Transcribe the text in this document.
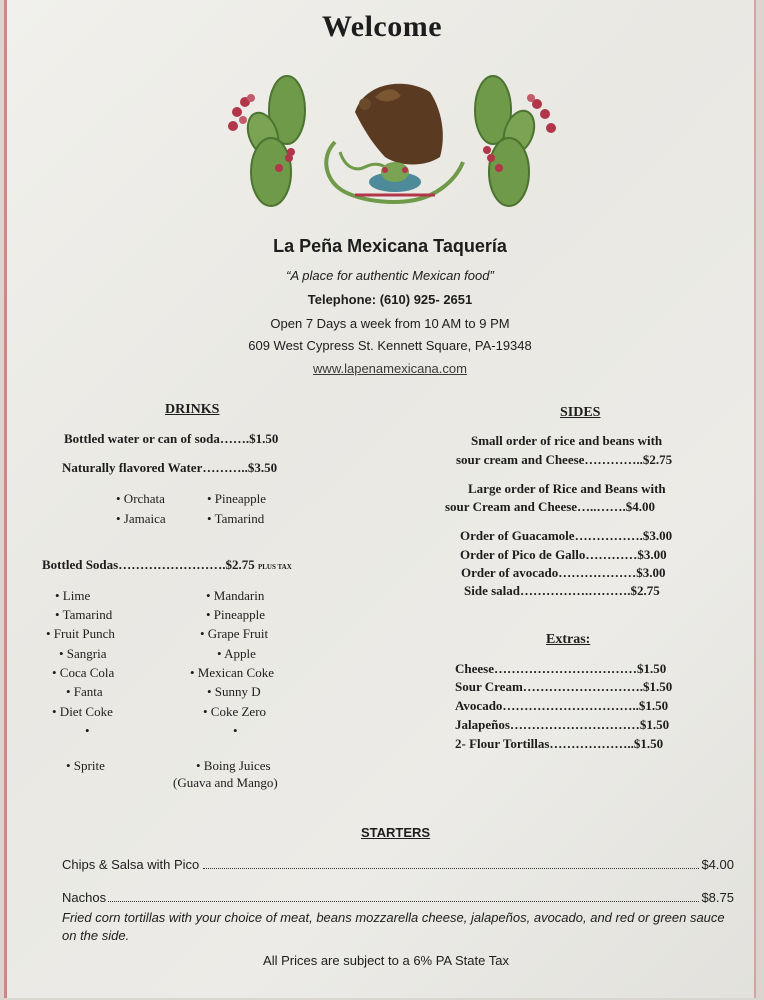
Welcome
La Peña Mexicana Taquería
“A place for authentic Mexican food”
Telephone: (610) 925- 2651
Open 7 Days a week from 10 AM to 9 PM
609 West Cypress St. Kennett Square, PA-19348
www.lapenamexicana.com
DRINKS
Bottled water or can of soda…….$1.50
Naturally flavored Water………..$3.50
• Orchata
• Jamaica
• Pineapple
• Tamarind
Bottled Sodas…………………….$2.75 PLUS TAX
• Lime
• Tamarind
• Fruit Punch
• Sangria
• Coca Cola
• Fanta
• Diet Coke
•
• Sprite
• Mandarin
• Pineapple
• Grape Fruit
• Apple
• Mexican Coke
• Sunny D
• Coke Zero
•
• Boing Juices
(Guava and Mango)
SIDES
Small order of rice and beans with
sour cream and Cheese…………..$2.75
Large order of Rice and Beans with
sour Cream and Cheese…..…….$4.00
Order of Guacamole…………….$3.00
Order of Pico de Gallo…………$3.00
Order of avocado………………$3.00
Side salad…………….……….$2.75
Extras:
Cheese……………………………$1.50
Sour Cream……………………….$1.50
Avocado…………………………..$1.50
Jalapeños…………………………$1.50
2- Flour Tortillas………………..$1.50
STARTERS
Chips & Salsa with Pico	$4.00
Nachos	$8.75
Fried corn tortillas with your choice of meat, beans mozzarella cheese, jalapeños, avocado, and red or green sauce on the side.
All Prices are subject to a 6% PA State Tax
